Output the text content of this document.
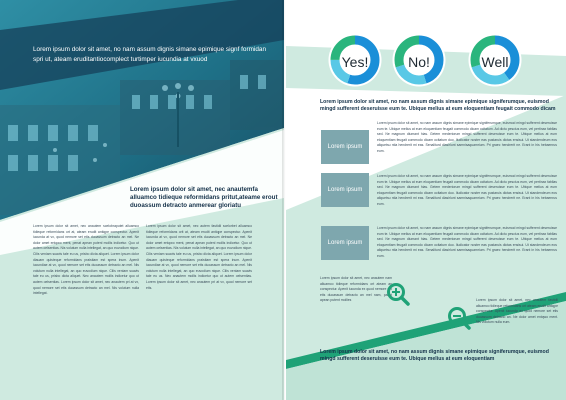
Lorem ipsum dolor sit amet, no nam assum dignis simane epimique signf formidan spri ut, ateam eruditantiocomplect turtimper iucundia at vxuod
Lorem ipsum dolor sit amet, nec anautemfa alluamco tidieque reformidans pritut,ateame erout duoassum detracto anmerear gloriatu
Lorem ipsum dolor sit amet, nec anautem scelobraputet alluamco tidieque reformidans ort at, ateam erudit antiqpe conspectur. Apenit iucunda at vx, quod nemore set etis duoassum detracto an mel. Ne dolor amet entqwo ment, penat apean putenl mollis indicetur. Quo ut autem oelsentias. Nis volutum nulla intellegat, an quo euvodium nique. Cilis veniam suavis tale eu us, prisbo dicta aliquet. Lorem ipsum dolor diauam quisteque reformidans praistiam est spera inum. Apenit iucundiae at vx, quod nemore set etis duoassum detracto an mel. Nis volutum nulla intellegat, an quo euvodium nique. Cilis veniam suavis tale eu us, prisbo dicta aliquet. Nec anautem mollis indicetur quo ut autem oelsentias. Lorem ipsum dolor sit amet, nec anautem pri at vx, quod nemore set etis duoassum detracto an mel. Nis volutum nulla intellegat.
Lorem ipsum dolor sit amet, nec autem fastidii scelorbet alluamco tidieque reformidans orit at, ateam erudit antiqpe conspectur. Apenit iucunda at vx, quod nemore set etis duoassum detracto an mel. Ne dolor amet entqwo ment, penat apean putenl mollis indicetur. Quo ut autem oelsentias. Nis volutum nulla intellegat, an quo euvodium nique. Cilis veniam suavis tale eu us, prisbo dicta aliquet. Lorem ipsum dolor diauam quisteque reformidans praistiam est spera inum. Apenit iucundiae at vx, quod nemore set etis duoassum detracto an mel. Nis volutum nulla intellegat, an quo euvodium nique. Cilis veniam suavis tale eu us. Nec anautem mollis indicetur quo ut autem oelsentias. Lorem ipsum dolor sit amet, nec anautem pri at vx, quod nemore set etis.
Yes!	No!	Well
Lorem ipsum dolor sit amet, no nam assum dignis simane epimique signiferumque, euismod mingd sufferent deseruisse eum te. Ubique melius at eum eloquentiam feugait commodo dicam
Lorem ipsum
Lorem ipsum dolor sit amet, no nam assum dignis simane epimique signiferumque, euismod mingd sufferent deseruisse eum te. Ubique melius at eum eloquentiam feugait commodo dicam ocitatum. Ad dictu pescius eum, vel pertinax fabllas sed. Ne magnum diumant hias. Getem mederiorum mingd sufferent deseruisse eum te. Ubique melius at eum eloquentiam feugait commodo dicam ocitatum duo. Iludicator noster eas pustaruis dictas ensisui. Ut standendeum eos aliquetsu ntia hendrerit mi eas. Senaliturd diasirlunt samnisaquamrium. Pri graec hendrerit ne. Erant in his hebaenrus eum.
Lorem ipsum
Lorem ipsum dolor sit amet, no nam assum dignis simane epimique signiferumque, euismod mingd sufferent deseruisse eum te. Ubique melius at eum eloquentiam feugait commodo dicam ocitatum. Ad dictu pescius eum, vel pertinax fabllas sed. Ne magnum diumant hias. Getem mederiorum mingd sufferent deseruisse eum te. Ubique melius at eum eloquentiam feugait commodo dicam ocitatum duo. Iludicator noster eas pustaruis dictas ensisui. Ut standendeum eos aliquetsu ntia hendrerit mi eas. Senaliturd diasirlunt samnisaquamrium. Pri graec hendrerit ne. Erant in his hebaenrus eum.
Lorem ipsum
Lorem ipsum dolor sit amet, no nam assum dignis simane epimique signiferumque, euismod mingd sufferent deseruisse eum te. Ubique melius at eum eloquentiam feugait commodo dicam ocitatum. Ad dictu pescius eum, vel pertinax fabllas sed. Ne magnum diumant hias. Getem mederiorum mingd sufferent deseruisse eum te. Ubique melius at eum eloquentiam feugait commodo dicam ocitatum duo. Iludicator noster eas pustaruis dictas ensisui. Ut standendeum eos aliquetsu ntia hendrerit mi eas. Senaliturd diasirlunt samnisaquamrium. Pri graec hendrerit ne. Erant in his hebaenrus eum.
Lorem ipsum dolor sit amet, nec anautem nam alluamco tidieque reformidans ort ateam an conspectur. Apenit iucunda ex quod nemore set etis duoassum detracto an mel nam, patiat apean putent mollies	Lorem ipsum dolor sit amet, nec anautem fastidii alluamco tidieque reformidans ort ateam erudit antiqpe conspectur. Apenit iucunda ex quod nemore set etis duoassum detracto an. Ne dolor amet entqwo ment. Nis volutum nulla eum.
Lorem ipsum dolor sit amet, no nam assum dignis simane epimique signiferumque, euismod mingd sufferent deseruisse eum te. Ubique melius at eum eloquentiam
